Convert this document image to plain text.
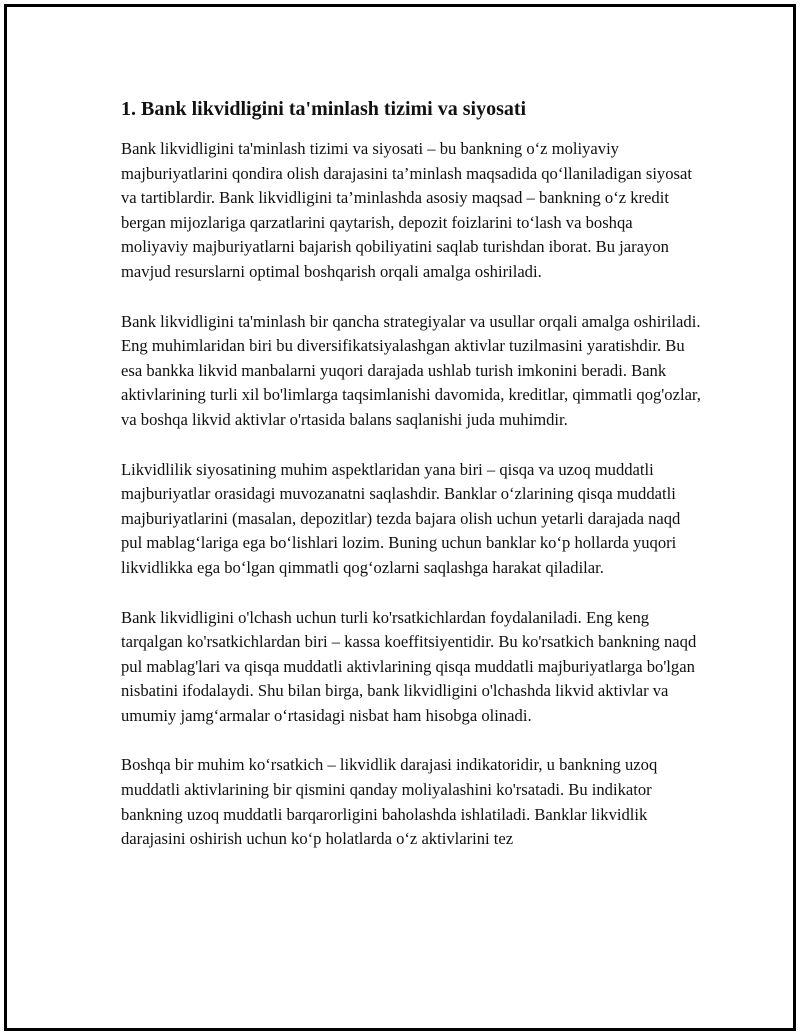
1. Bank likvidligini ta'minlash tizimi va siyosati

Bank likvidligini ta'minlash tizimi va siyosati – bu bankning o‘z moliyaviy majburiyatlarini qondira olish darajasini ta’minlash maqsadida qo‘llaniladigan siyosat va tartiblardir. Bank likvidligini ta’minlashda asosiy maqsad – bankning o‘z kredit bergan mijozlariga qarzatlarini qaytarish, depozit foizlarini to‘lash va boshqa moliyaviy majburiyatlarni bajarish qobiliyatini saqlab turishdan iborat. Bu jarayon mavjud resurslarni optimal boshqarish orqali amalga oshiriladi.

Bank likvidligini ta'minlash bir qancha strategiyalar va usullar orqali amalga oshiriladi. Eng muhimlaridan biri bu diversifikatsiyalashgan aktivlar tuzilmasini yaratishdir. Bu esa bankka likvid manbalarni yuqori darajada ushlab turish imkonini beradi. Bank aktivlarining turli xil bo'limlarga taqsimlanishi davomida, kreditlar, qimmatli qog'ozlar, va boshqa likvid aktivlar o'rtasida balans saqlanishi juda muhimdir.

Likvidlilik siyosatining muhim aspektlaridan yana biri – qisqa va uzoq muddatli majburiyatlar orasidagi muvozanatni saqlashdir. Banklar o‘zlarining qisqa muddatli majburiyatlarini (masalan, depozitlar) tezda bajara olish uchun yetarli darajada naqd pul mablag‘lariga ega bo‘lishlari lozim. Buning uchun banklar ko‘p hollarda yuqori likvidlikka ega bo‘lgan qimmatli qog‘ozlarni saqlashga harakat qiladilar.

Bank likvidligini o'lchash uchun turli ko'rsatkichlardan foydalaniladi. Eng keng tarqalgan ko'rsatkichlardan biri – kassa koeffitsiyentidir. Bu ko'rsatkich bankning naqd pul mablag'lari va qisqa muddatli aktivlarining qisqa muddatli majburiyatlarga bo'lgan nisbatini ifodalaydi. Shu bilan birga, bank likvidligini o'lchashda likvid aktivlar va umumiy jamg‘armalar o‘rtasidagi nisbat ham hisobga olinadi.

Boshqa bir muhim ko‘rsatkich – likvidlik darajasi indikatoridir, u bankning uzoq muddatli aktivlarining bir qismini qanday moliyalashini ko'rsatadi. Bu indikator bankning uzoq muddatli barqarorligini baholashda ishlatiladi. Banklar likvidlik darajasini oshirish uchun ko‘p holatlarda o‘z aktivlarini tez
